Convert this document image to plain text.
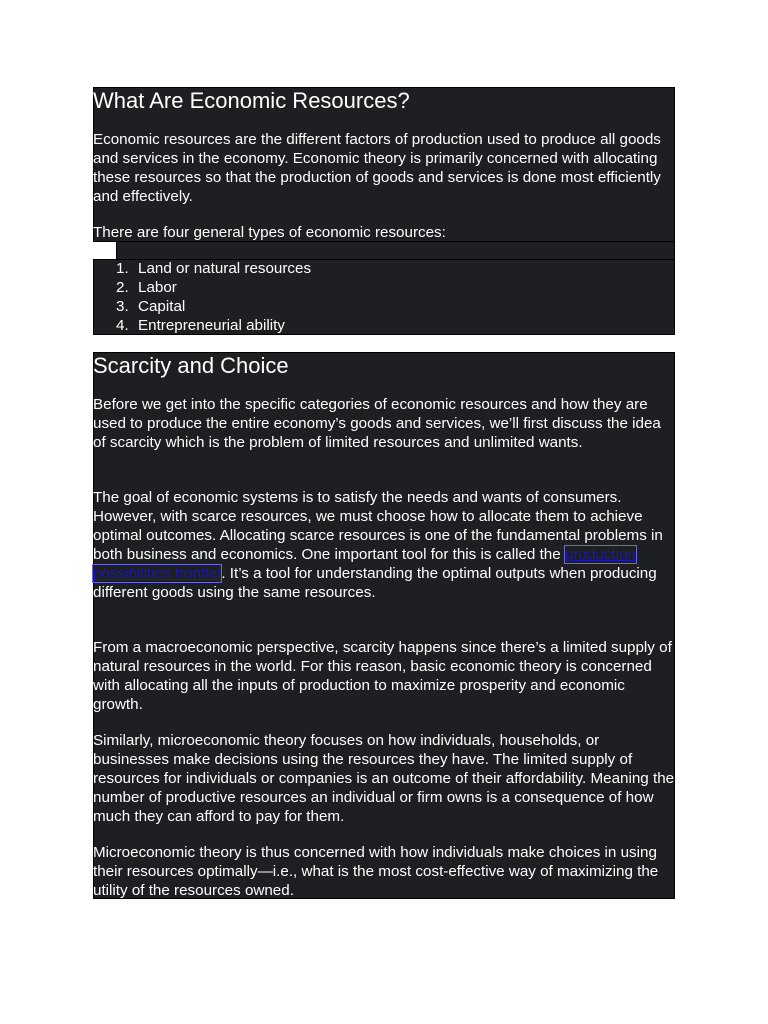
What Are Economic Resources?

Economic resources are the different factors of production used to produce all goods and services in the economy. Economic theory is primarily concerned with allocating these resources so that the production of goods and services is done most efficiently and effectively.

There are four general types of economic resources:

1. Land or natural resources
2. Labor
3. Capital
4. Entrepreneurial ability
Scarcity and Choice

Before we get into the specific categories of economic resources and how they are used to produce the entire economy’s goods and services, we’ll first discuss the idea of scarcity which is the problem of limited resources and unlimited wants.

The goal of economic systems is to satisfy the needs and wants of consumers. However, with scarce resources, we must choose how to allocate them to achieve optimal outcomes. Allocating scarce resources is one of the fundamental problems in both business and economics. One important tool for this is called the production possibilities frontier. It’s a tool for understanding the optimal outputs when producing different goods using the same resources.

From a macroeconomic perspective, scarcity happens since there’s a limited supply of natural resources in the world. For this reason, basic economic theory is concerned with allocating all the inputs of production to maximize prosperity and economic growth.

Similarly, microeconomic theory focuses on how individuals, households, or businesses make decisions using the resources they have. The limited supply of resources for individuals or companies is an outcome of their affordability. Meaning the number of productive resources an individual or firm owns is a consequence of how much they can afford to pay for them.

Microeconomic theory is thus concerned with how individuals make choices in using their resources optimally—i.e., what is the most cost-effective way of maximizing the utility of the resources owned.
